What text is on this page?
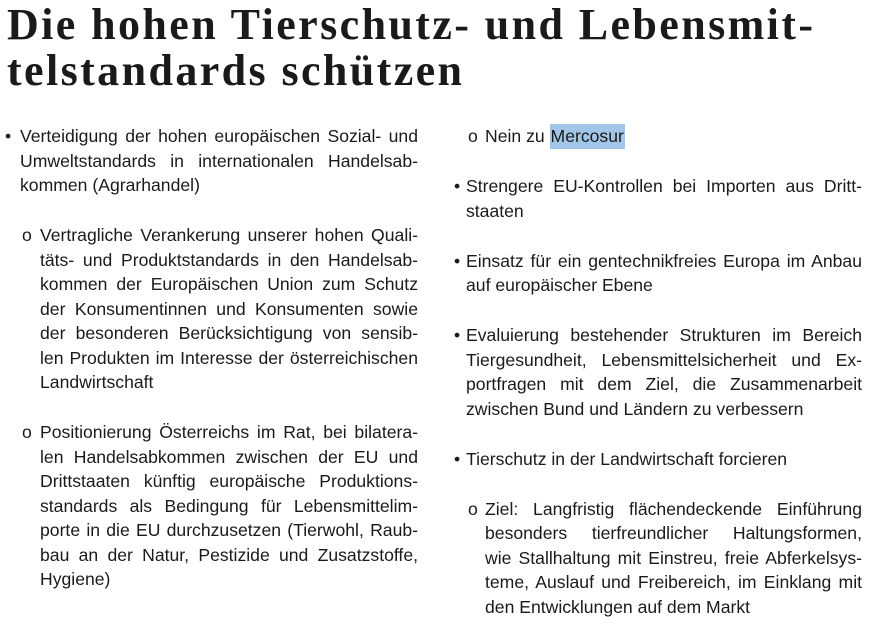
Die hohen Tierschutz- und Lebensmit-
telstandards schützen
• Verteidigung der hohen europäischen Sozial- und
Umweltstandards in internationalen Handelsab-
kommen (Agrarhandel)
o Vertragliche Verankerung unserer hohen Quali-
täts- und Produktstandards in den Handelsab-
kommen der Europäischen Union zum Schutz
der Konsumentinnen und Konsumenten sowie
der besonderen Berücksichtigung von sensib-
len Produkten im Interesse der österreichischen
Landwirtschaft
o Positionierung Österreichs im Rat, bei bilatera-
len Handelsabkommen zwischen der EU und
Drittstaaten künftig europäische Produktions-
standards als Bedingung für Lebensmittelim-
porte in die EU durchzusetzen (Tierwohl, Raub-
bau an der Natur, Pestizide und Zusatzstoffe,
Hygiene)
o Nein zu Mercosur
• Strengere EU-Kontrollen bei Importen aus Dritt-
staaten
• Einsatz für ein gentechnikfreies Europa im Anbau
auf europäischer Ebene
• Evaluierung bestehender Strukturen im Bereich
Tiergesundheit, Lebensmittelsicherheit und Ex-
portfragen mit dem Ziel, die Zusammenarbeit
zwischen Bund und Ländern zu verbessern
• Tierschutz in der Landwirtschaft forcieren
o Ziel: Langfristig flächendeckende Einführung
besonders tierfreundlicher Haltungsformen,
wie Stallhaltung mit Einstreu, freie Abferkelsys-
teme, Auslauf und Freibereich, im Einklang mit
den Entwicklungen auf dem Markt
